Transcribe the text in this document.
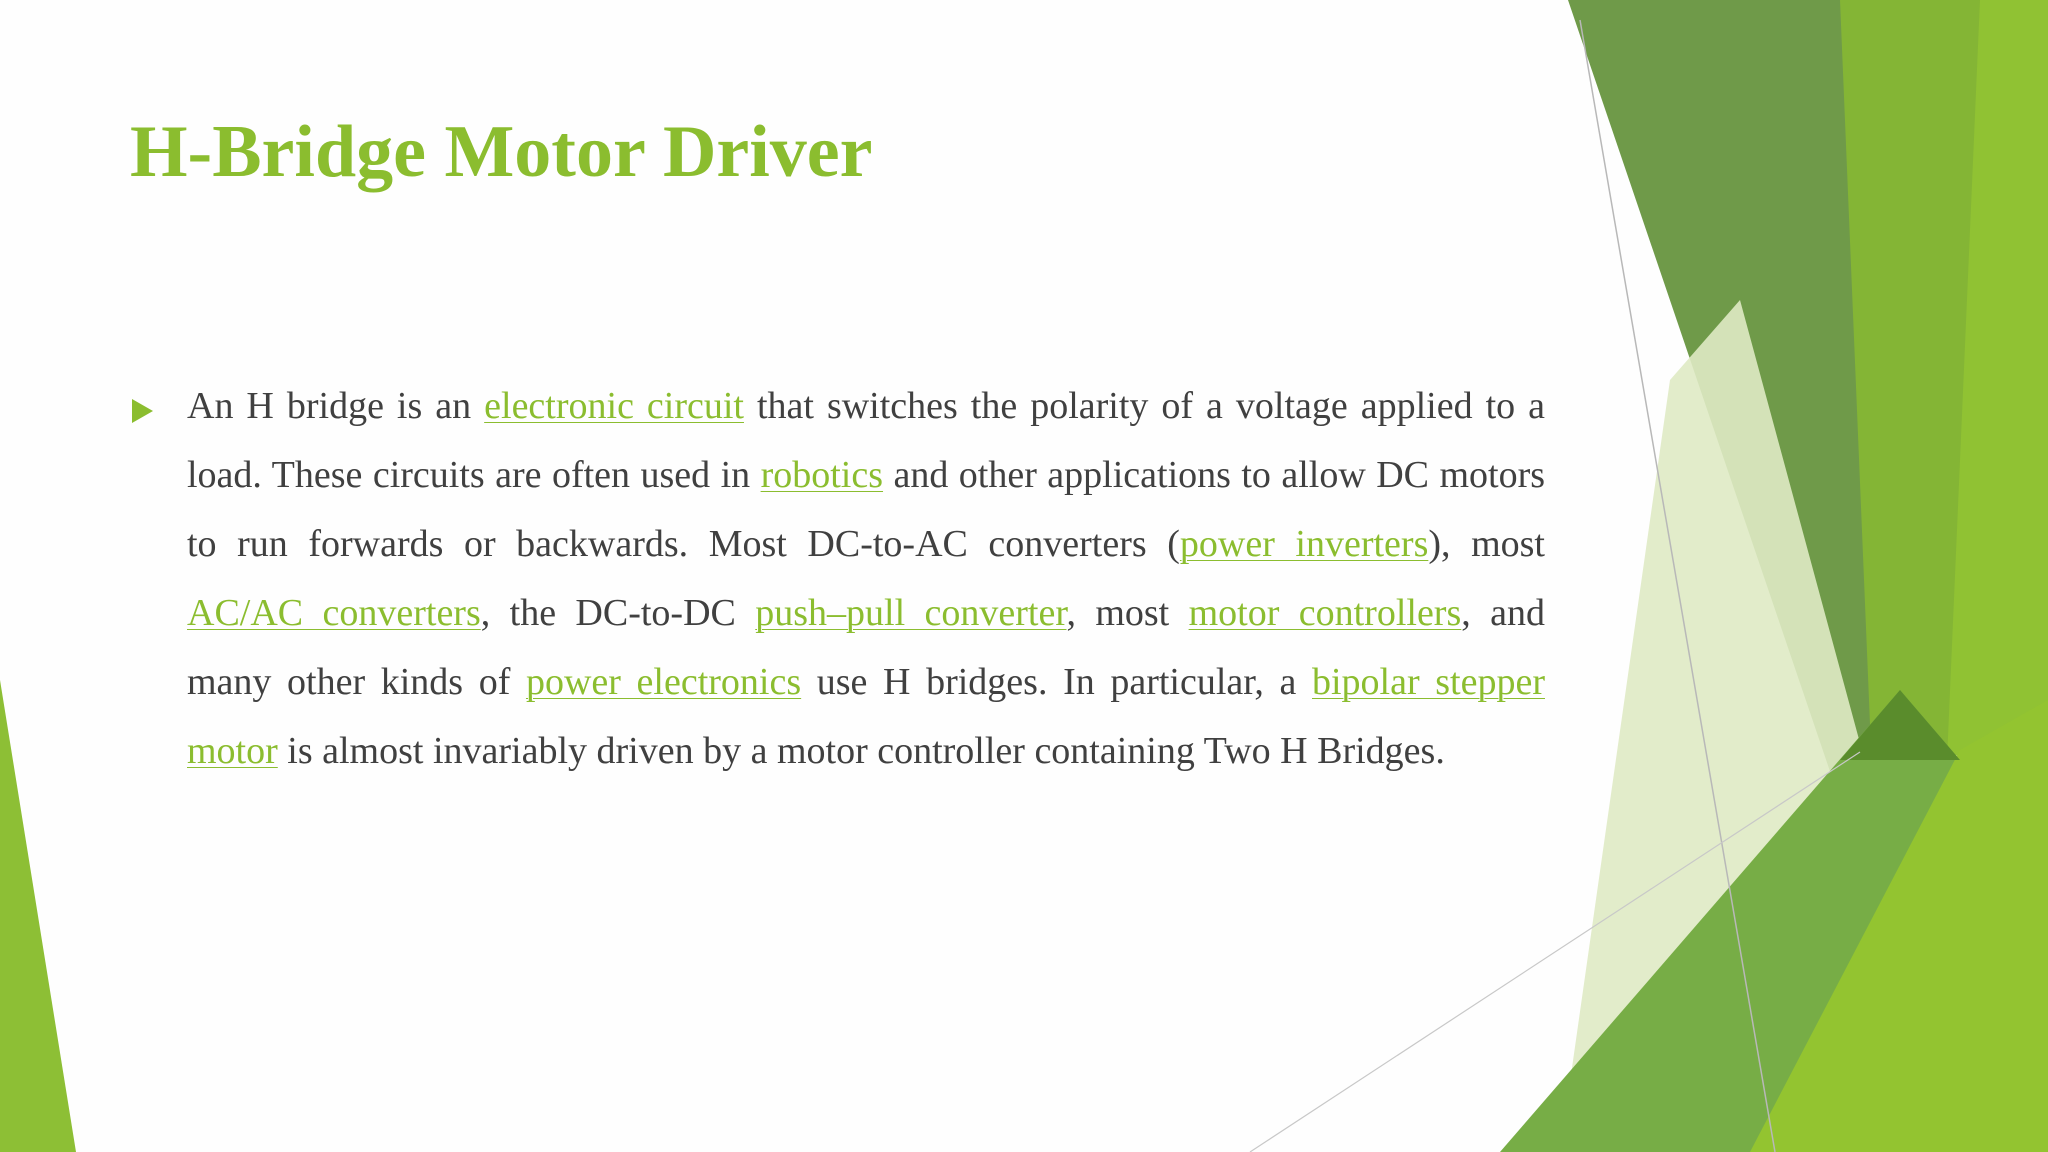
H-Bridge Motor Driver

An H bridge is an electronic circuit that switches the polarity of a voltage applied to a load. These circuits are often used in robotics and other applications to allow DC motors to run forwards or backwards. Most DC-to-AC converters (power inverters), most AC/AC converters, the DC-to-DC push–pull converter, most motor controllers, and many other kinds of power electronics use H bridges. In particular, a bipolar stepper motor is almost invariably driven by a motor controller containing Two H Bridges.
